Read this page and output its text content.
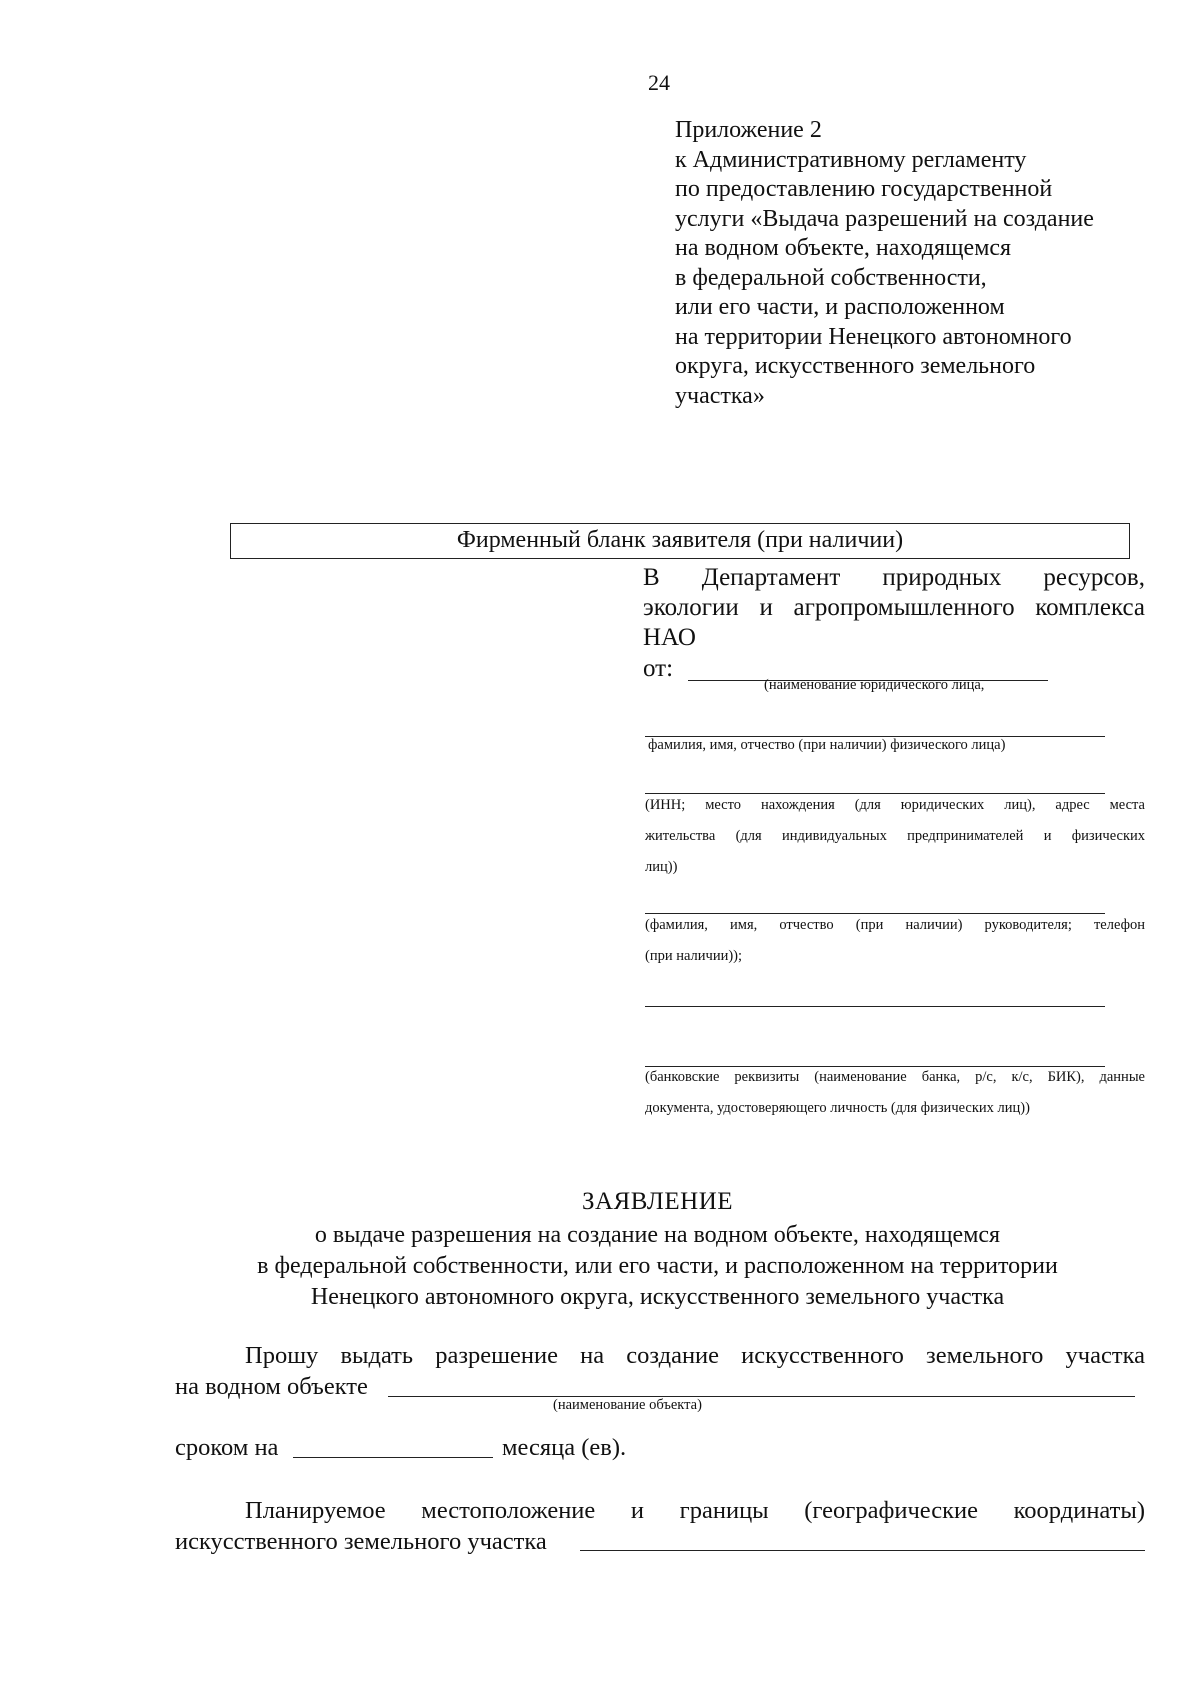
24
Приложение 2
к Административному регламенту
по предоставлению государственной
услуги «Выдача разрешений на создание
на водном объекте, находящемся
в федеральной собственности,
или его части, и расположенном
на территории Ненецкого автономного
округа, искусственного земельного
участка»
Фирменный бланк заявителя (при наличии)
В Департамент природных ресурсов,
экологии и агропромышленного комплекса
НАО
от:
(наименование юридического лица,
фамилия, имя, отчество (при наличии) физического лица)
(ИНН; место нахождения (для юридических лиц), адрес места
жительства (для индивидуальных предпринимателей и физических
лиц))
(фамилия, имя, отчество (при наличии) руководителя; телефон
(при наличии));
(банковские реквизиты (наименование банка, р/с, к/с, БИК), данные
документа, удостоверяющего личность (для физических лиц))
ЗАЯВЛЕНИЕ
о выдаче разрешения на создание на водном объекте, находящемся
в федеральной собственности, или его части, и расположенном на территории
Ненецкого автономного округа, искусственного земельного участка
Прошу выдать разрешение на создание искусственного земельного участка
на водном объекте
(наименование объекта)
сроком на	месяца (ев).
Планируемое местоположение и границы (географические координаты)
искусственного земельного участка
